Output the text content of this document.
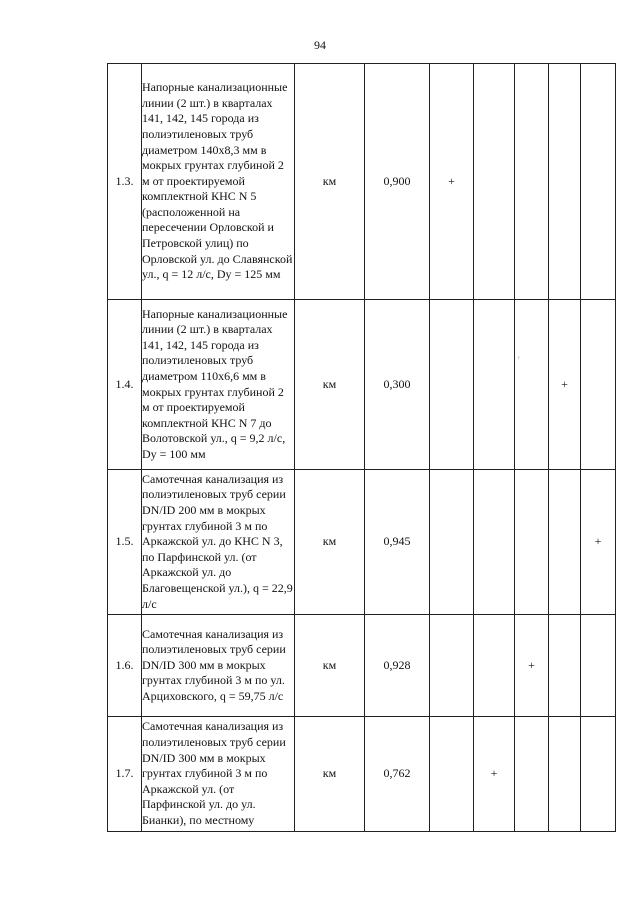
94
1.3.	Напорные канализационные линии (2 шт.) в кварталах 141, 142, 145 города из полиэтиленовых труб диаметром 140х8,3 мм в мокрых грунтах глубиной 2 м от проектируемой комплектной КНС N 5 (расположенной на пересечении Орловской и Петровской улиц) по Орловской ул. до Славянской ул., q = 12 л/с, Dy = 125 мм	км	0,900	+				
1.4.	Напорные канализационные линии (2 шт.) в кварталах 141, 142, 145 города из полиэтиленовых труб диаметром 110х6,6 мм в мокрых грунтах глубиной 2 м от проектируемой комплектной КНС N 7 до Волотовской ул., q = 9,2 л/с, Dy = 100 мм	км	0,300				+	
1.5.	Самотечная канализация из полиэтиленовых труб серии DN/ID 200 мм в мокрых грунтах глубиной 3 м по Аркажской ул. до КНС N 3, по Парфинской ул. (от Аркажской ул. до Благовещенской ул.), q = 22,9 л/с	км	0,945					+
1.6.	Самотечная канализация из полиэтиленовых труб серии DN/ID 300 мм в мокрых грунтах глубиной 3 м по ул. Арциховского, q = 59,75 л/с	км	0,928			+		
1.7.	Самотечная канализация из полиэтиленовых труб серии DN/ID 300 мм в мокрых грунтах глубиной 3 м по Аркажской ул. (от Парфинской ул. до ул. Бианки), по местному	км	0,762		+			
'
